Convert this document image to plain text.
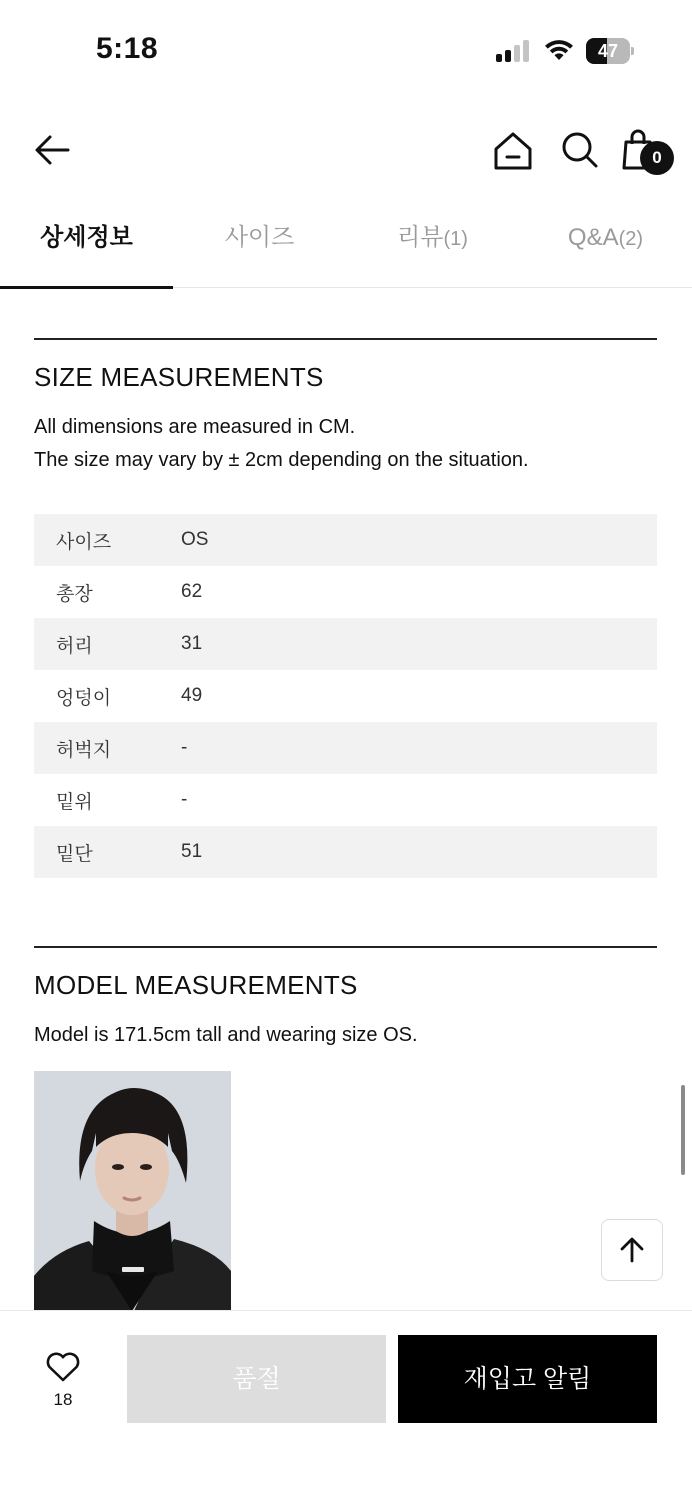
5:18	47
0
상세정보	사이즈	리뷰(1)	Q&A(2)
SIZE MEASUREMENTS
All dimensions are measured in CM.
The size may vary by ± 2cm depending on the situation.
사이즈	OS
총장	62
허리	31
엉덩이	49
허벅지	-
밑위	-
밑단	51
MODEL MEASUREMENTS
Model is 171.5cm tall and wearing size OS.
18
품절	재입고 알림
